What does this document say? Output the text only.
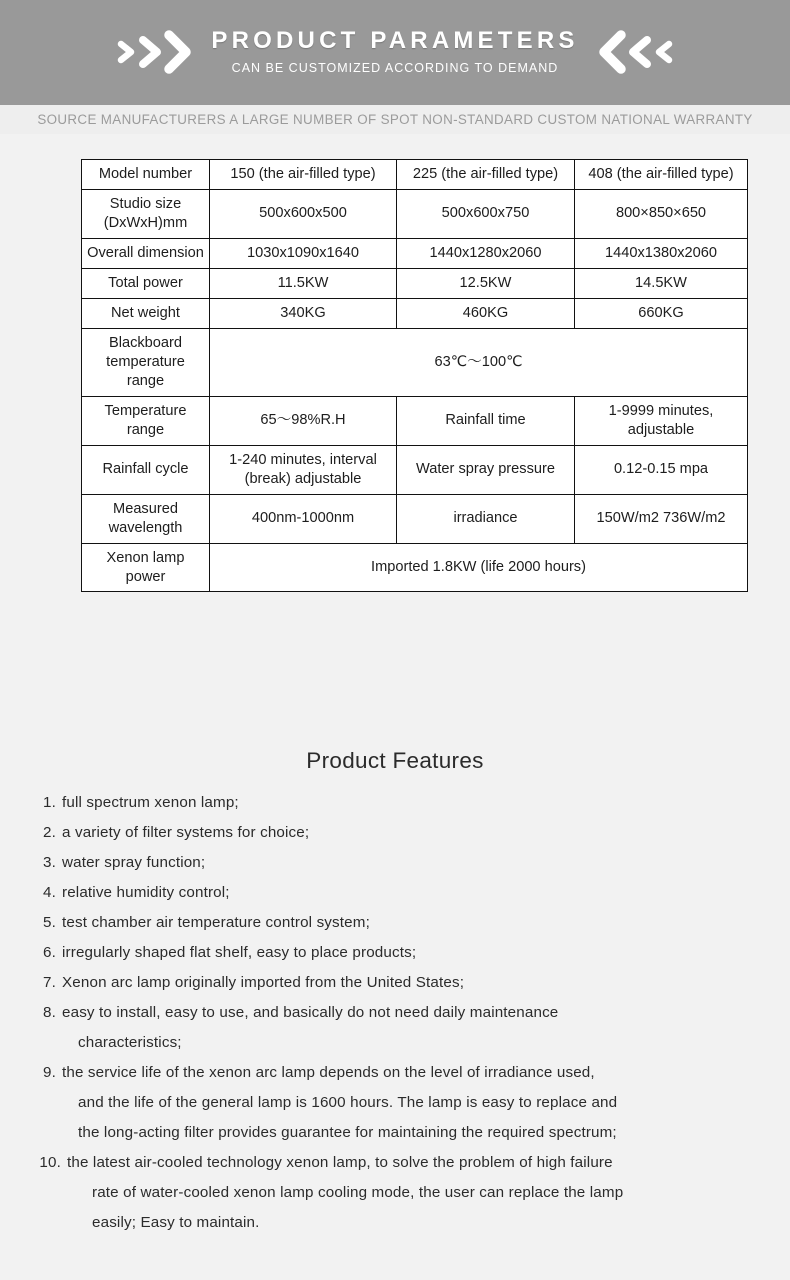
PRODUCT PARAMETERS
CAN BE CUSTOMIZED ACCORDING TO DEMAND
SOURCE MANUFACTURERS A LARGE NUMBER OF SPOT NON-STANDARD CUSTOM NATIONAL WARRANTY
Model number	150 (the air-filled type)	225 (the air-filled type)	408 (the air-filled type)
Studio size (DxWxH)mm	500x600x500	500x600x750	800×850×650
Overall dimension	1030x1090x1640	1440x1280x2060	1440x1380x2060
Total power	11.5KW	12.5KW	14.5KW
Net weight	340KG	460KG	660KG
Blackboard temperature range	63℃～100℃		
Temperature range	65～98%R.H	Rainfall time	1-9999 minutes, adjustable
Rainfall cycle	1-240 minutes, interval (break) adjustable	Water spray pressure	0.12-0.15 mpa
Measured wavelength	400nm-1000nm	irradiance	150W/m2 736W/m2
Xenon lamp power	Imported 1.8KW (life 2000 hours)		
Product Features
1. full spectrum xenon lamp;
2. a variety of filter systems for choice;
3. water spray function;
4. relative humidity control;
5. test chamber air temperature control system;
6. irregularly shaped flat shelf, easy to place products;
7. Xenon arc lamp originally imported from the United States;
8. easy to install, easy to use, and basically do not need daily maintenance
characteristics;
9. the service life of the xenon arc lamp depends on the level of irradiance used,
and the life of the general lamp is 1600 hours. The lamp is easy to replace and
the long-acting filter provides guarantee for maintaining the required spectrum;
10. the latest air-cooled technology xenon lamp, to solve the problem of high failure
rate of water-cooled xenon lamp cooling mode, the user can replace the lamp
easily; Easy to maintain.
